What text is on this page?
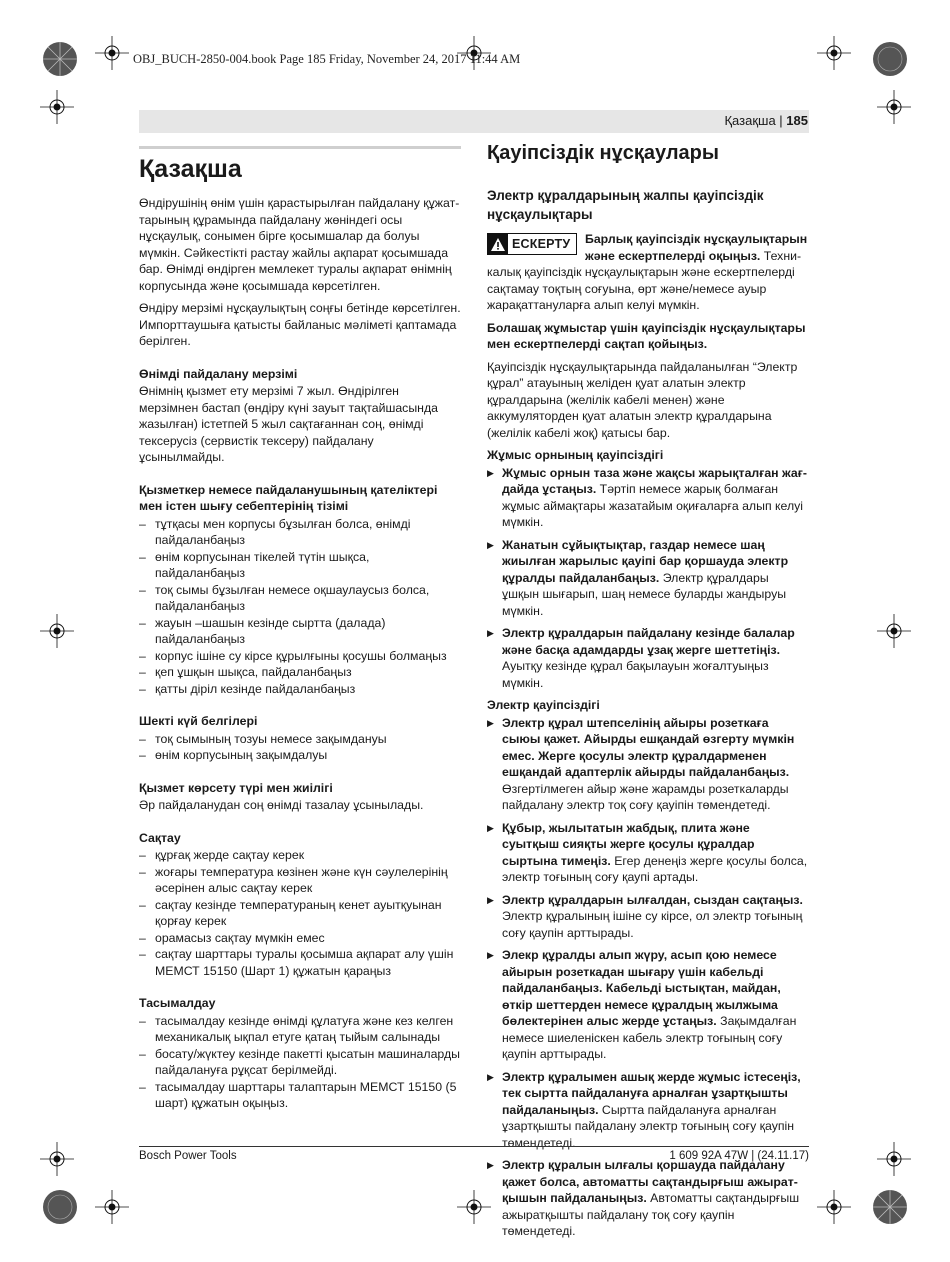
OBJ_BUCH-2850-004.book Page 185 Friday, November 24, 2017 11:44 AM
Қазақша | 185
Қазақша

Өндірушінің өнім үшін қарастырылған пайдалану құжат-тарының құрамында пайдалану жөніндегі осы нұсқаулық, сонымен бірге қосымшалар да болуы мүмкін. Сәйкестікті растау жайлы ақпарат қосымшада бар. Өнімді өндірген мемлекет туралы ақпарат өнімнің корпусында және қосымшада көрсетілген.

Өндіру мерзімі нұсқаулықтың соңғы бетінде көрсетілген. Импорттаушыға қатысты байланыс мәліметі қаптамада берілген.

Өнімді пайдалану мерзімі

Өнімнің қызмет ету мерзімі 7 жыл. Өндірілген мерзімнен бастап (өндіру күні зауыт тақтайшасында жазылған) істетпей 5 жыл сақтағаннан соң, өнімді тексерусіз (сервистік тексеру) пайдалану ұсынылмайды.

Қызметкер немесе пайдаланушының қателіктері мен істен шығу себептерінің тізімі
– тұтқасы мен корпусы бұзылған болса, өнімді пайдаланбаңыз
– өнім корпусынан тікелей түтін шықса, пайдаланбаңыз
– тоқ сымы бұзылған немесе оқшаулаусыз болса, пайдаланбаңыз
– жауын –шашын кезінде сыртта (далада) пайдаланбаңыз
– корпус ішіне су кірсе құрылғыны қосушы болмаңыз
– қеп ұшқын шықса, пайдаланбаңыз
– қатты діріл кезінде пайдаланбаңыз
Шекті күй белгілері
– тоқ сымының тозуы немесе зақымдануы
– өнім корпусының зақымдалуы
Қызмет көрсету түрі мен жиілігі

Әр пайдаланудан соң өнімді тазалау ұсынылады.

Сақтау
– құрғақ жерде сақтау керек
– жоғары температура көзінен және күн сәулелерінің әсерінен алыс сақтау керек
– сақтау кезінде температураның кенет ауытқуынан қорғау керек
– орамасыз сақтау мүмкін емес
– сақтау шарттары туралы қосымша ақпарат алу үшін МЕМСТ 15150 (Шарт 1) құжатын қараңыз
Тасымалдау
– тасымалдау кезінде өнімді құлатуға және кез келген механикалық ықпал етуге қатаң тыйым салынады
– босату/жүктеу кезінде пакетті қысатын машиналарды пайдалануға рұқсат берілмейді.
– тасымалдау шарттары талаптарын МЕМСТ 15150 (5 шарт) құжатын оқыңыз.
Қауіпсіздік нұсқаулары
Электр құралдарының жалпы қауіпсіздік нұсқаулықтары
ЕСКЕРТУ Барлық қауіпсіздік нұсқаулықтарын және ескертпелерді оқыңыз. Техни-калық қауіпсіздік нұсқаулықтарын және ескертпелерді сақтамау тоқтың соғуына, өрт және/немесе ауыр жарақаттануларға алып келуі мүмкін.

Болашақ жұмыстар үшін қауіпсіздік нұсқаулықтары мен ескертпелерді сақтап қойыңыз.

Қауіпсіздік нұсқаулықтарында пайдаланылған “Электр құрал” атауының желіден қуат алатын электр құралдарына (желілік кабелі менен) және аккумуляторден қуат алатын электр құралдарына (желілік кабелі жоқ) қатысы бар.

Жұмыс орнының қауіпсіздігі
▶ Жұмыс орнын таза және жақсы жарықталған жағ-дайда ұстаңыз. Тәртіп немесе жарық болмаған жұмыс аймақтары жазатайым оқиғаларға алып келуі мүмкін.
▶ Жанатын сұйықтықтар, газдар немесе шаң жиылған жарылыс қауіпі бар қоршауда электр құралды пайдаланбаңыз. Электр құралдары ұшқын шығарып, шаң немесе буларды жандыруы мүмкін.
▶ Электр құралдарын пайдалану кезінде балалар және басқа адамдарды ұзақ жерге шеттетіңіз. Ауытқу кезінде құрал бақылауын жоғалтуыңыз мүмкін.
Электр қауіпсіздігі
▶ Электр құрал штепселінің айыры розеткаға сыюы қажет. Айырды ешқандай өзгерту мүмкін емес. Жерге қосулы электр құралдарменен ешқандай адаптерлік айырды пайдаланбаңыз. Өзгертілмеген айыр және жарамды розеткаларды пайдалану электр тоқ соғу қауіпін төмендетеді.
▶ Құбыр, жылытатын жабдық, плита және суытқыш сияқты жерге қосулы құралдар сыртына тимеңіз. Егер денеңіз жерге қосулы болса, электр тоғының соғу қаупі артады.
▶ Электр құралдарын ылғалдан, сыздан сақтаңыз. Электр құралының ішіне су кірсе, ол электр тоғының соғу қаупін арттырады.
▶ Элекр құралды алып жүру, асып қою немесе айырын розеткадан шығару үшін кабельді пайдаланбаңыз. Кабельді ыстықтан, майдан, өткір шеттерден немесе құралдың жылжыма бөлектерінен алыс жерде ұстаңыз. Зақымдалған немесе шиеленіскен кабель электр тоғының соғу қаупін арттырады.
▶ Электр құралымен ашық жерде жұмыс істесеңіз, тек сыртта пайдалануға арналған ұзартқышты пайдаланыңыз. Сыртта пайдалануға арналған ұзартқышты пайдалану электр тоғының соғу қаупін төмендетеді.
▶ Электр құралын ылғалы қоршауда пайдалану қажет болса, автоматты сақтандырғыш ажырат-қышын пайдаланыңыз. Автоматты сақтандырғыш ажыратқышты пайдалану тоқ соғу қаупін төмендетеді.
Bosch Power Tools	1 609 92A 47W | (24.11.17)
